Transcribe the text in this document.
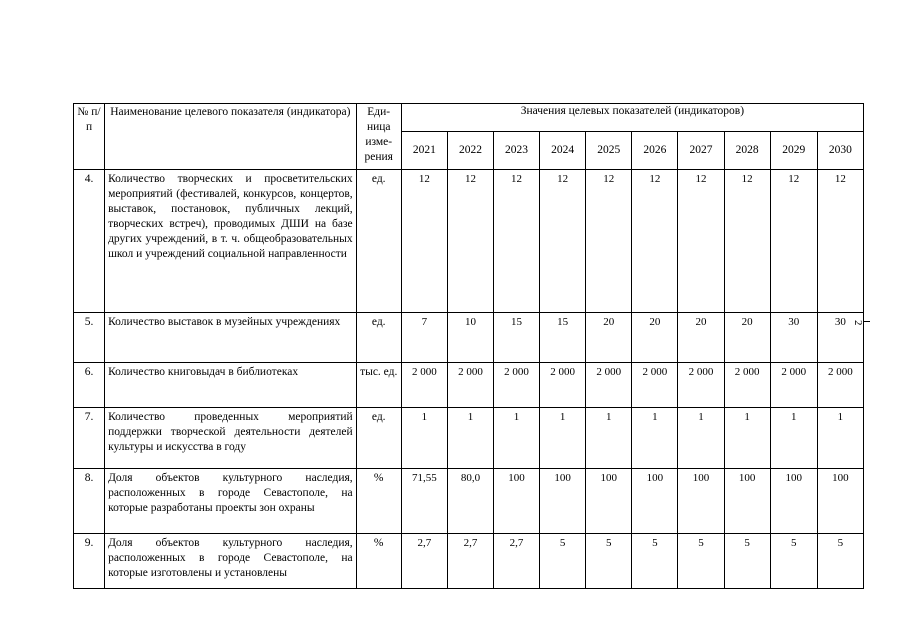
№ п/п	Наименование целевого показателя (индикатора)	Еди-ница изме-рения	Значения целевых показателей (индикаторов)									
			2021	2022	2023	2024	2025	2026	2027	2028	2029	2030
4.	Количество творческих и просветительских мероприятий (фестивалей, конкурсов, концертов, выставок, постановок, публичных лекций, творческих встреч), проводимых ДШИ на базе других учреждений, в т. ч. общеобразовательных школ и учреждений социальной направленности	ед.	12	12	12	12	12	12	12	12	12	12
5.	Количество выставок в музейных учреждениях	ед.	7	10	15	15	20	20	20	20	30	30
6.	Количество книговыдач в библиотеках	тыс. ед.	2 000	2 000	2 000	2 000	2 000	2 000	2 000	2 000	2 000	2 000
7.	Количество проведенных мероприятий поддержки творческой деятельности деятелей культуры и искусства в году	ед.	1	1	1	1	1	1	1	1	1	1
8.	Доля объектов культурного наследия, расположенных в городе Севастополе, на которые разработаны проекты зон охраны	%	71,55	80,0	100	100	100	100	100	100	100	100
9.	Доля объектов культурного наследия, расположенных в городе Севастополе, на которые изготовлены и установлены	%	2,7	2,7	2,7	5	5	5	5	5	5	5
2
